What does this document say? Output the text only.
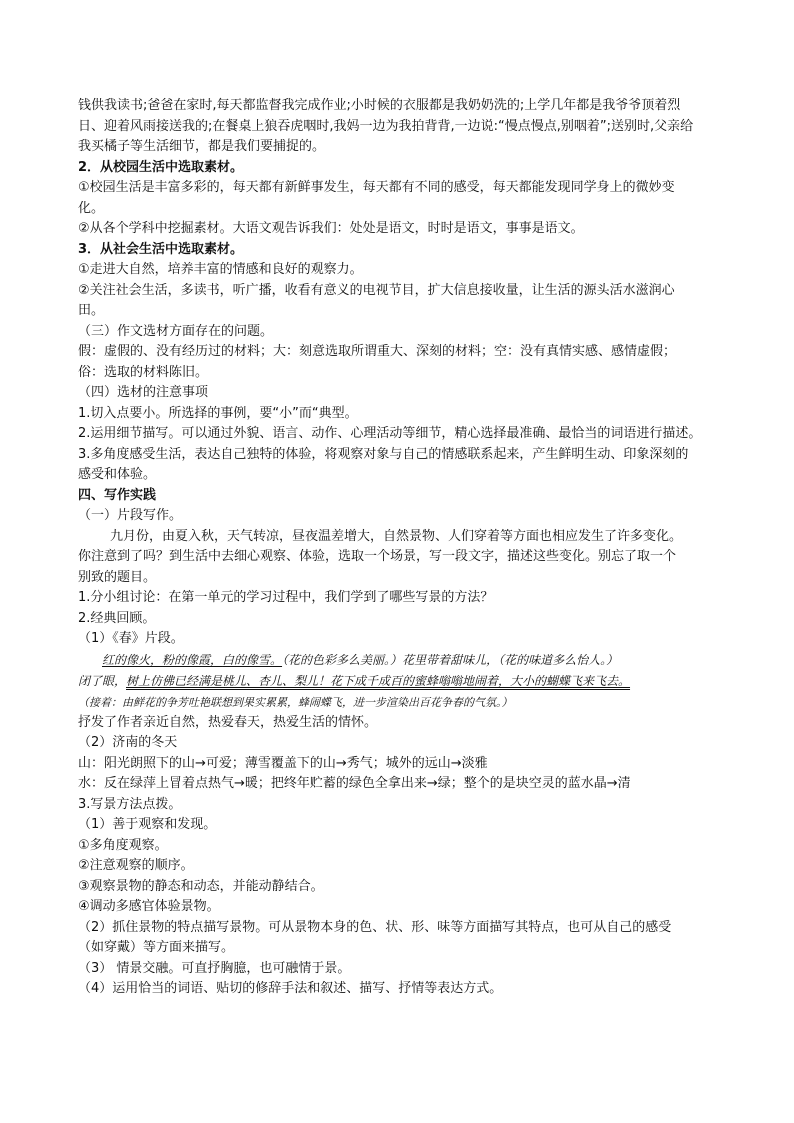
钱供我读书;爸爸在家时,每天都监督我完成作业;小时候的衣服都是我奶奶洗的;上学几年都是我爷爷顶着烈
日、迎着风雨接送我的;在餐桌上狼吞虎咽时,我妈一边为我拍背背,一边说:“慢点慢点,别咽着”;送别时,父亲给
我买橘子等生活细节，都是我们要捕捉的。
2．从校园生活中选取素材。
①校园生活是丰富多彩的，每天都有新鲜事发生，每天都有不同的感受，每天都能发现同学身上的微妙变
化。
②从各个学科中挖掘素材。大语文观告诉我们：处处是语文，时时是语文，事事是语文。
3．从社会生活中选取素材。
①走进大自然，培养丰富的情感和良好的观察力。
②关注社会生活，多读书，听广播，收看有意义的电视节目，扩大信息接收量，让生活的源头活水滋润心
田。
（三）作文选材方面存在的问题。
假：虚假的、没有经历过的材料；大：刻意选取所谓重大、深刻的材料；空：没有真情实感、感情虚假；
俗：选取的材料陈旧。
（四）选材的注意事项
1.切入点要小。所选择的事例，要“小”而“典型。
2.运用细节描写。可以通过外貌、语言、动作、心理活动等细节，精心选择最准确、最恰当的词语进行描述。
3.多角度感受生活，表达自己独特的体验，将观察对象与自己的情感联系起来，产生鲜明生动、印象深刻的
感受和体验。
四、写作实践
（一）片段写作。
九月份，由夏入秋，天气转凉，昼夜温差增大，自然景物、人们穿着等方面也相应发生了许多变化。
你注意到了吗？到生活中去细心观察、体验，选取一个场景，写一段文字，描述这些变化。别忘了取一个
别致的题目。
1.分小组讨论：在第一单元的学习过程中，我们学到了哪些写景的方法？
2.经典回顾。
（1）《春》片段。
红的像火，粉的像霞，白的像雪。（花的色彩多么美丽。）花里带着甜味儿，（花的味道多么怡人。）
闭了眼，树上仿佛已经满是桃儿、杏儿、梨儿！花下成千成百的蜜蜂嗡嗡地闹着，大小的蝴蝶飞来飞去。
（接着：由鲜花的争芳吐艳联想到果实累累，蜂闹蝶飞，进一步渲染出百花争春的气氛。）
抒发了作者亲近自然，热爱春天，热爱生活的情怀。
（2）济南的冬天
山：阳光朗照下的山→可爱；薄雪覆盖下的山→秀气；城外的远山→淡雅
水：反在绿萍上冒着点热气→暖；把终年贮蓄的绿色全拿出来→绿；整个的是块空灵的蓝水晶→清
3.写景方法点拨。
（1）善于观察和发现。
①多角度观察。
②注意观察的顺序。
③观察景物的静态和动态，并能动静结合。
④调动多感官体验景物。
（2）抓住景物的特点描写景物。可从景物本身的色、状、形、味等方面描写其特点，也可从自己的感受
（如穿戴）等方面来描写。
（3） 情景交融。可直抒胸臆，也可融情于景。
（4）运用恰当的词语、贴切的修辞手法和叙述、描写、抒情等表达方式。
